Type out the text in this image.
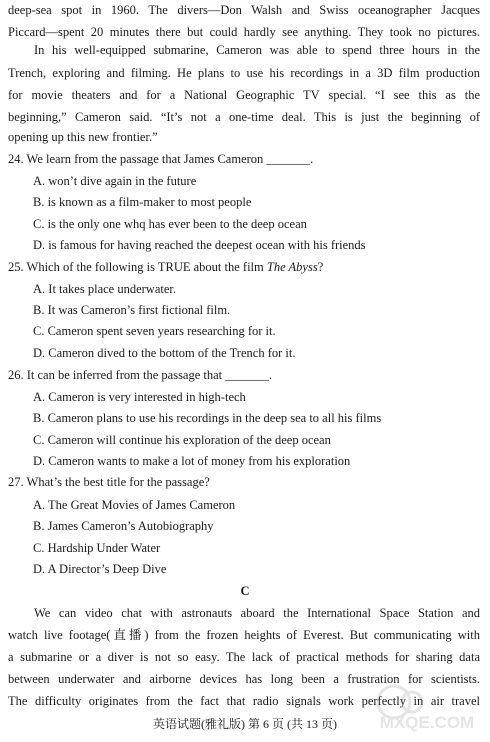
deep-sea spot in 1960. The divers—Don Walsh and Swiss oceanographer Jacques
Piccard—spent 20 minutes there but could hardly see anything. They took no pictures.
In his well-equipped submarine, Cameron was able to spend three hours in the
Trench, exploring and filming. He plans to use his recordings in a 3D film production
for movie theaters and for a National Geographic TV special. “I see this as the
beginning,” Cameron said. “It’s not a one-time deal. This is just the beginning of
opening up this new frontier.”
24. We learn from the passage that James Cameron _______.
A. won’t dive again in the future
B. is known as a film-maker to most people
C. is the only one whq has ever been to the deep ocean
D. is famous for having reached the deepest ocean with his friends
25. Which of the following is TRUE about the film The Abyss?
A. It takes place underwater.
B. It was Cameron’s first fictional film.
C. Cameron spent seven years researching for it.
D. Cameron dived to the bottom of the Trench for it.
26. It can be inferred from the passage that _______.
A. Cameron is very interested in high-tech
B. Cameron plans to use his recordings in the deep sea to all his films
C. Cameron will continue his exploration of the deep ocean
D. Cameron wants to make a lot of money from his exploration
27. What’s the best title for the passage?
A. The Great Movies of James Cameron
B. James Cameron’s Autobiography
C. Hardship Under Water
D. A Director’s Deep Dive
C
We can video chat with astronauts aboard the International Space Station and
watch live footage(直播) from the frozen heights of Everest. But communicating with
a submarine or a diver is not so easy. The lack of practical methods for sharing data
between underwater and airborne devices has long been a frustration for scientists.
The difficulty originates from the fact that radio signals work perfectly in air travel
英语试题(雅礼版) 第 6 页 (共 13 页)	MXQE.COM
